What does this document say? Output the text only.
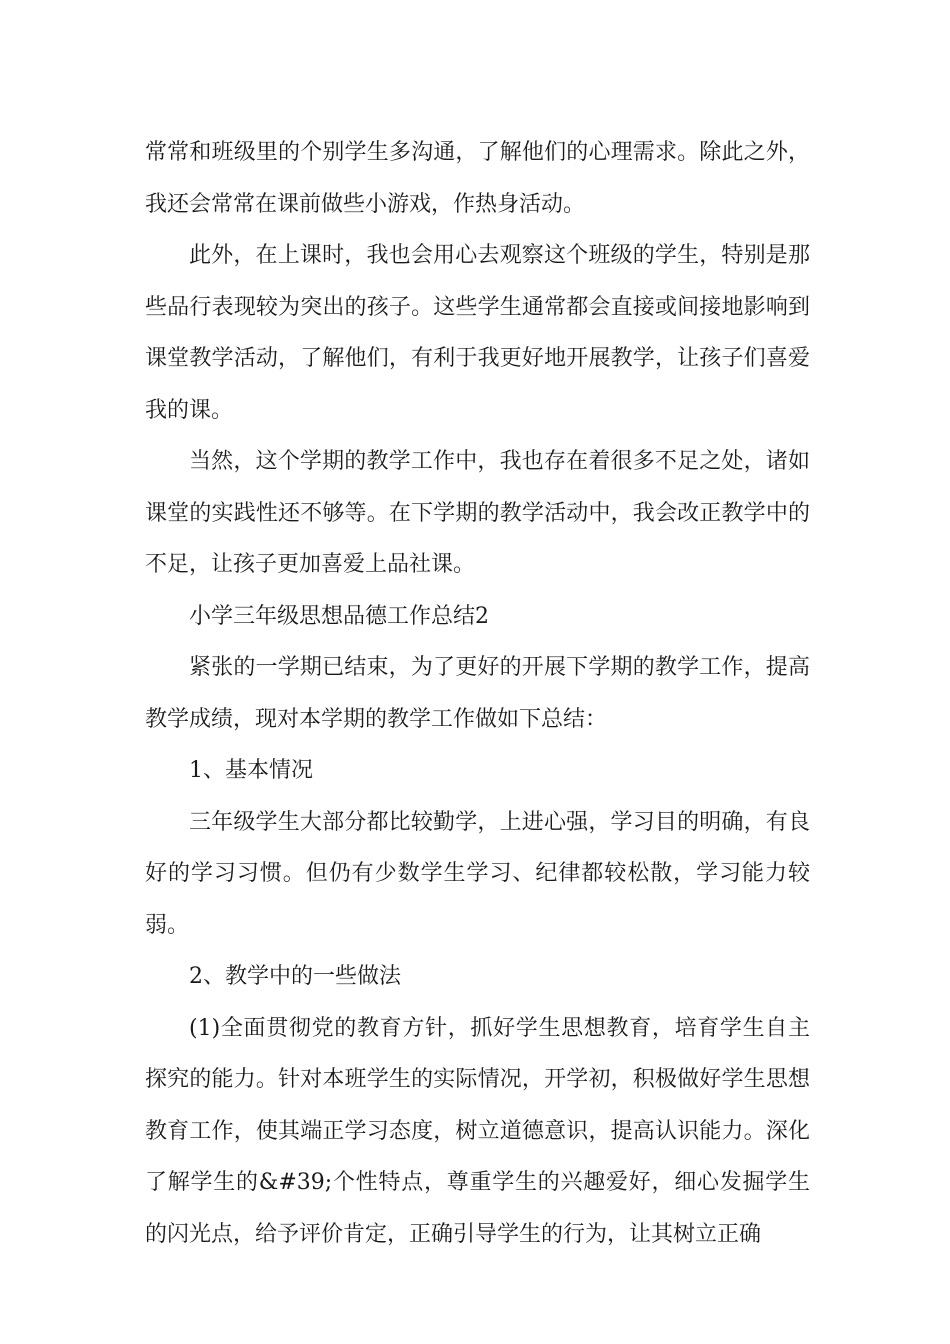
常常和班级里的个别学生多沟通，了解他们的心理需求。除此之外，我还会常常在课前做些小游戏，作热身活动。

此外，在上课时，我也会用心去观察这个班级的学生，特别是那些品行表现较为突出的孩子。这些学生通常都会直接或间接地影响到课堂教学活动，了解他们，有利于我更好地开展教学，让孩子们喜爱我的课。

当然，这个学期的教学工作中，我也存在着很多不足之处，诸如课堂的实践性还不够等。在下学期的教学活动中，我会改正教学中的不足，让孩子更加喜爱上品社课。

小学三年级思想品德工作总结2

紧张的一学期已结束，为了更好的开展下学期的教学工作，提高教学成绩，现对本学期的教学工作做如下总结：

1、基本情况

三年级学生大部分都比较勤学，上进心强，学习目的明确，有良好的学习习惯。但仍有少数学生学习、纪律都较松散，学习能力较弱。

2、教学中的一些做法

(1)全面贯彻党的教育方针，抓好学生思想教育，培育学生自主探究的能力。针对本班学生的实际情况，开学初，积极做好学生思想教育工作，使其端正学习态度，树立道德意识，提高认识能力。深化了解学生的&#39;个性特点，尊重学生的兴趣爱好，细心发掘学生的闪光点，给予评价肯定，正确引导学生的行为，让其树立正确
